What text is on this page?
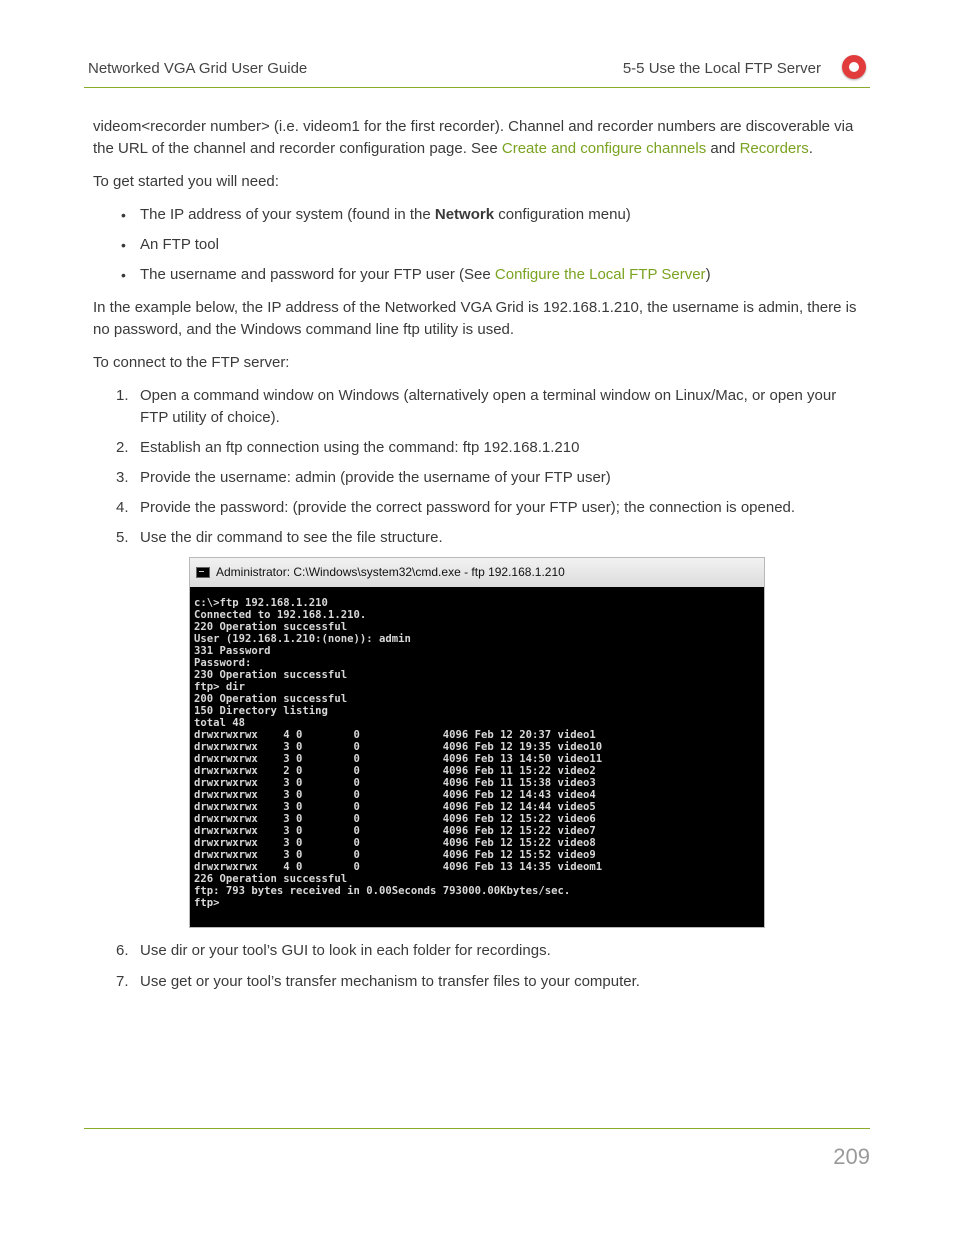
Networked VGA Grid User Guide	5-5 Use the Local FTP Server

videom<recorder number> (i.e. videom1 for the first recorder). Channel and recorder numbers are discoverable via the URL of the channel and recorder configuration page. See Create and configure channels and Recorders.

To get started you will need:

• The IP address of your system (found in the Network configuration menu)
• An FTP tool
• The username and password for your FTP user (See Configure the Local FTP Server)

In the example below, the IP address of the Networked VGA Grid is 192.168.1.210, the username is admin, there is no password, and the Windows command line ftp utility is used.

To connect to the FTP server:

1. Open a command window on Windows (alternatively open a terminal window on Linux/Mac, or open your FTP utility of choice).
2. Establish an ftp connection using the command: ftp 192.168.1.210
3. Provide the username: admin (provide the username of your FTP user)
4. Provide the password: (provide the correct password for your FTP user); the connection is opened.
5. Use the dir command to see the file structure.
Administrator: C:\Windows\system32\cmd.exe - ftp 192.168.1.210
c:\>ftp 192.168.1.210
Connected to 192.168.1.210.
220 Operation successful
User (192.168.1.210:(none)): admin
331 Password
Password:
230 Operation successful
ftp> dir
200 Operation successful
150 Directory listing
total 48
drwxrwxrwx    4 0        0             4096 Feb 12 20:37 video1
drwxrwxrwx    3 0        0             4096 Feb 12 19:35 video10
drwxrwxrwx    3 0        0             4096 Feb 13 14:50 video11
drwxrwxrwx    2 0        0             4096 Feb 11 15:22 video2
drwxrwxrwx    3 0        0             4096 Feb 11 15:38 video3
drwxrwxrwx    3 0        0             4096 Feb 12 14:43 video4
drwxrwxrwx    3 0        0             4096 Feb 12 14:44 video5
drwxrwxrwx    3 0        0             4096 Feb 12 15:22 video6
drwxrwxrwx    3 0        0             4096 Feb 12 15:22 video7
drwxrwxrwx    3 0        0             4096 Feb 12 15:22 video8
drwxrwxrwx    3 0        0             4096 Feb 12 15:52 video9
drwxrwxrwx    4 0        0             4096 Feb 13 14:35 videom1
226 Operation successful
ftp: 793 bytes received in 0.00Seconds 793000.00Kbytes/sec.
ftp>
6. Use dir or your tool’s GUI to look in each folder for recordings.
7. Use get or your tool’s transfer mechanism to transfer files to your computer.
209
